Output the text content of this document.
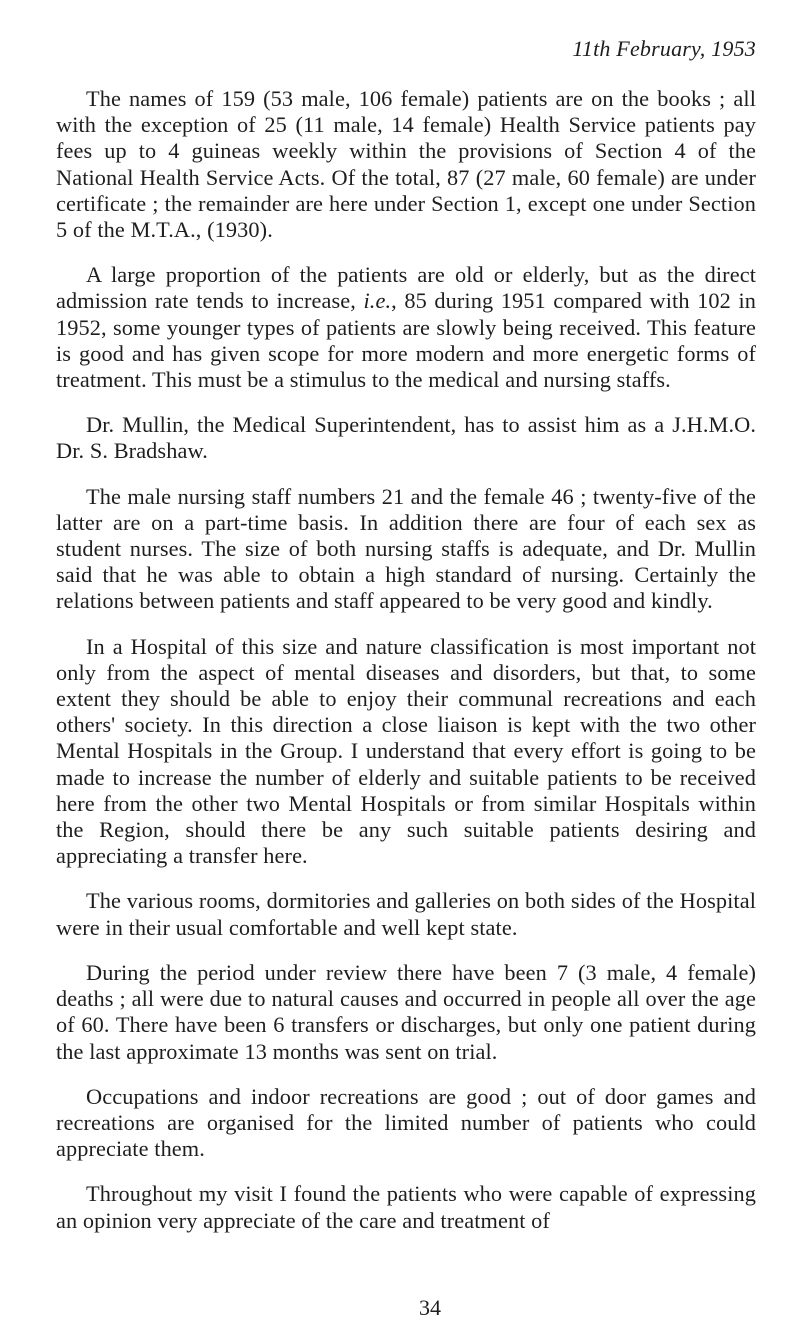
11th February, 1953

The names of 159 (53 male, 106 female) patients are on the books ; all with the exception of 25 (11 male, 14 female) Health Service patients pay fees up to 4 guineas weekly within the provisions of Section 4 of the National Health Service Acts. Of the total, 87 (27 male, 60 female) are under certificate ; the remainder are here under Section 1, except one under Section 5 of the M.T.A., (1930).

A large proportion of the patients are old or elderly, but as the direct admission rate tends to increase, i.e., 85 during 1951 compared with 102 in 1952, some younger types of patients are slowly being received. This feature is good and has given scope for more modern and more energetic forms of treatment. This must be a stimulus to the medical and nursing staffs.

Dr. Mullin, the Medical Superintendent, has to assist him as a J.H.M.O. Dr. S. Bradshaw.

The male nursing staff numbers 21 and the female 46 ; twenty-five of the latter are on a part-time basis. In addition there are four of each sex as student nurses. The size of both nursing staffs is adequate, and Dr. Mullin said that he was able to obtain a high standard of nursing. Certainly the relations between patients and staff appeared to be very good and kindly.

In a Hospital of this size and nature classification is most important not only from the aspect of mental diseases and disorders, but that, to some extent they should be able to enjoy their communal recreations and each others' society. In this direction a close liaison is kept with the two other Mental Hospitals in the Group. I understand that every effort is going to be made to increase the number of elderly and suitable patients to be received here from the other two Mental Hospitals or from similar Hospitals within the Region, should there be any such suitable patients desiring and appreciating a transfer here.

The various rooms, dormitories and galleries on both sides of the Hospital were in their usual comfortable and well kept state.

During the period under review there have been 7 (3 male, 4 female) deaths ; all were due to natural causes and occurred in people all over the age of 60. There have been 6 transfers or discharges, but only one patient during the last approximate 13 months was sent on trial.

Occupations and indoor recreations are good ; out of door games and recreations are organised for the limited number of patients who could appreciate them.

Throughout my visit I found the patients who were capable of expressing an opinion very appreciate of the care and treatment of

34
